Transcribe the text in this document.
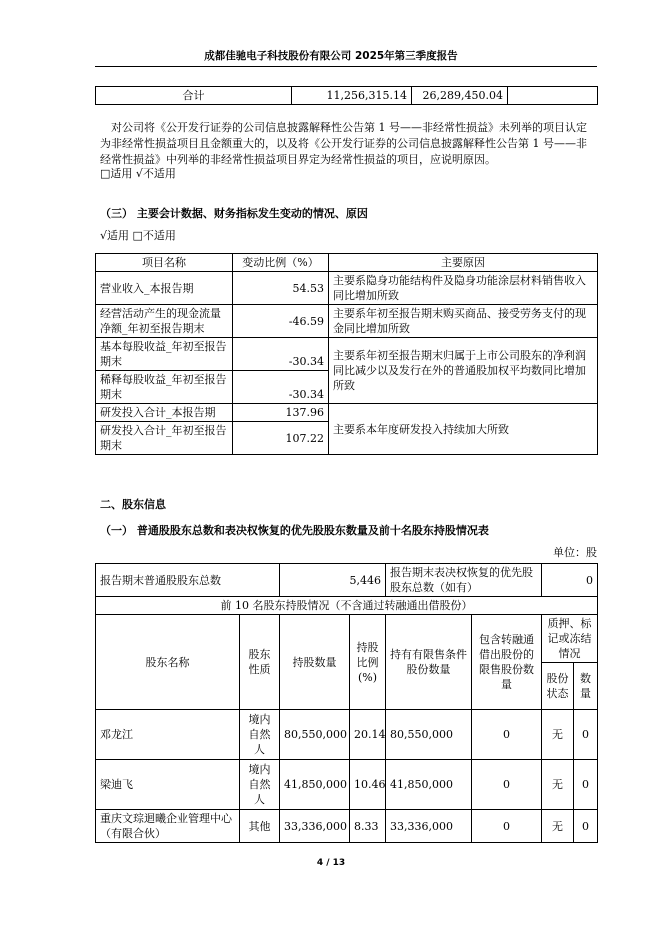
成都佳驰电子科技股份有限公司 2025年第三季度报告
合计	11,256,315.14	26,289,450.04	
对公司将《公开发行证券的公司信息披露解释性公告第 1 号——非经常性损益》未列举的项目认定为非经常性损益项目且金额重大的，以及将《公开发行证券的公司信息披露解释性公告第 1 号——非经常性损益》中列举的非经常性损益项目界定为经常性损益的项目，应说明原因。
□适用 √不适用
（三） 主要会计数据、财务指标发生变动的情况、原因
√适用 □不适用
项目名称	变动比例（%）	主要原因
营业收入_本报告期	54.53	主要系隐身功能结构件及隐身功能涂层材料销售收入同比增加所致
经营活动产生的现金流量净额_年初至报告期末	-46.59	主要系年初至报告期末购买商品、接受劳务支付的现金同比增加所致
基本每股收益_年初至报告期末	-30.34	主要系年初至报告期末归属于上市公司股东的净利润同比减少以及发行在外的普通股加权平均数同比增加所致
稀释每股收益_年初至报告期末	-30.34	
研发投入合计_本报告期	137.96	主要系本年度研发投入持续加大所致
研发投入合计_年初至报告期末	107.22	
二、股东信息
（一） 普通股股东总数和表决权恢复的优先股股东数量及前十名股东持股情况表
单位：股
报告期末普通股股东总数		5,446		报告期末表决权恢复的优先股股东总数（如有）		0	
前 10 名股东持股情况（不含通过转融通出借股份）							
股东名称	股东性质	持股数量	持股比例(%)	持有有限售条件股份数量	包含转融通借出股份的限售股份数量	质押、标记或冻结情况	
						股份状态	数量
邓龙江	境内自然人	80,550,000	20.14	80,550,000	0	无	0
梁迪飞	境内自然人	41,850,000	10.46	41,850,000	0	无	0
重庆文琮迴曦企业管理中心（有限合伙）	其他	33,336,000	8.33	33,336,000	0	无	0
4 / 13
